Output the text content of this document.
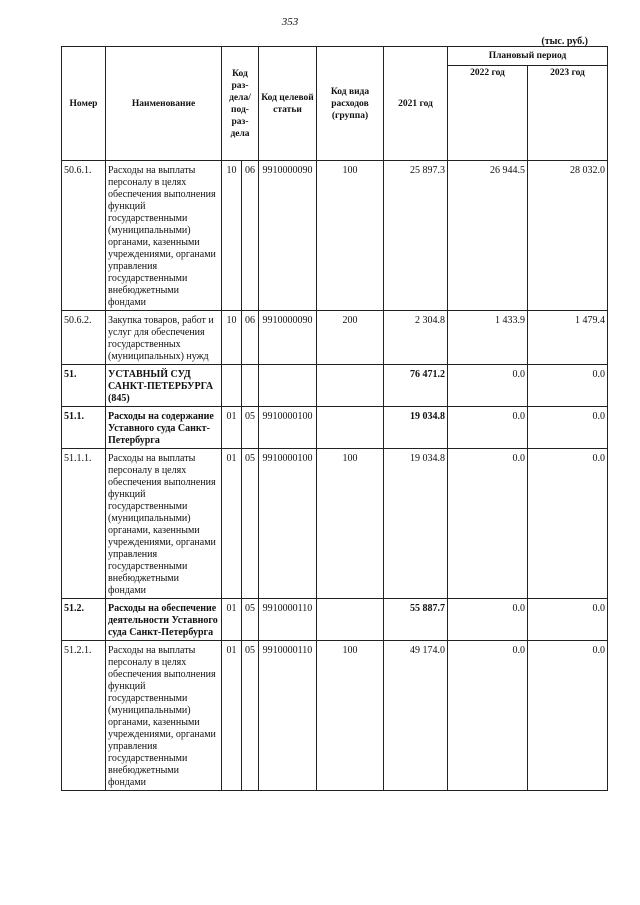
353
(тыс. руб.)
Номер	Наименование	Код раз- дела/ под- раз- дела		Код целевой статьи	Код вида расходов (группа)	2021 год	Плановый период	
							2022 год	2023 год
50.6.1.	Расходы на выплаты персоналу в целях обеспечения выполнения функций государственными (муниципальными) органами, казенными учреждениями, органами управления государственными внебюджетными фондами	10	06	9910000090	100	25 897.3	26 944.5	28 032.0
50.6.2.	Закупка товаров, работ и услуг для обеспечения государственных (муниципальных) нужд	10	06	9910000090	200	2 304.8	1 433.9	1 479.4
51.	УСТАВНЫЙ СУД САНКТ-ПЕТЕРБУРГА (845)					76 471.2	0.0	0.0
51.1.	Расходы на содержание Уставного суда Санкт-Петербурга	01	05	9910000100		19 034.8	0.0	0.0
51.1.1.	Расходы на выплаты персоналу в целях обеспечения выполнения функций государственными (муниципальными) органами, казенными учреждениями, органами управления государственными внебюджетными фондами	01	05	9910000100	100	19 034.8	0.0	0.0
51.2.	Расходы на обеспечение деятельности Уставного суда Санкт-Петербурга	01	05	9910000110		55 887.7	0.0	0.0
51.2.1.	Расходы на выплаты персоналу в целях обеспечения выполнения функций государственными (муниципальными) органами, казенными учреждениями, органами управления государственными внебюджетными фондами	01	05	9910000110	100	49 174.0	0.0	0.0
